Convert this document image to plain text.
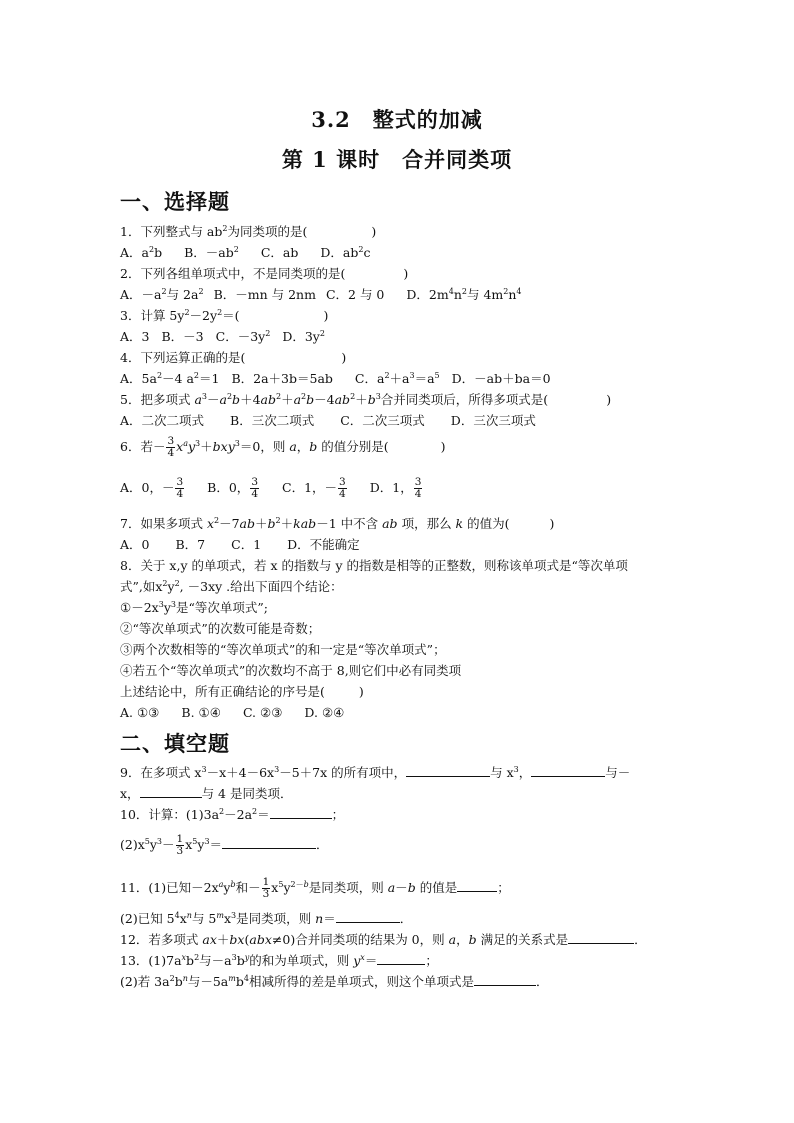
3.2　整式的加减
第 1 课时　合并同类项
一、选择题
1．下列整式与 $ab^2$为同类项的是(	)
A．$a^2b$ B．$-ab^2$ C．ab D．$ab^2c$
2．下列各组单项式中，不是同类项的是(	)
A．$-a^2$与 $2a^2$ B．－mn 与 2nm C．2 与 0 D．$2m^4n^2$与 $4m^2n^4$
3．计算 $5y^2-2y^2=$(	)
A．3 B．－3 C．$-3y^2$ D．$3y^2$
4．下列运算正确的是(	)
A．$5a^2-4$ $a^2=1$ B．2a＋3b＝5ab C．$a^2+a^3=a^5$ D．－ab＋ba＝0
5．把多项式 $a^3-a^2b+4ab^2+a^2b-4ab^2+b^3$合并同类项后，所得多项式是(	)
A．二次二项式 B．三次二项式 C．二次三项式 D．三次三项式
6．若－ $\frac{3}{4} x^ay^3+bxy^3=0$，则 a，b 的值分别是(	)
A．0，－ $\frac{3}{4}$ B．0， $\frac{3}{4}$ C．1，－ $\frac{3}{4}$ D．1， $\frac{3}{4}$
7．如果多项式 $x^2-7ab+b^2+kab-1$ 中不含 ab 项，那么 k 的值为(	)
A．0 B．7 C．1 D．不能确定
8．关于 x,y 的单项式，若 x 的指数与 y 的指数是相等的正整数，则称该单项式是“等次单项
式”,如$x^2y^2$, －3xy .给出下面四个结论：
$①-2x^3y^3$是“等次单项式”;
②“等次单项式”的次数可能是奇数；
③两个次数相等的“等次单项式”的和一定是“等次单项式”；
④若五个“等次单项式”的次数均不高于 8,则它们中必有同类项
上述结论中，所有正确结论的序号是(	)
A. ①③ B. ①④ C. ②③ D. ②④
二、填空题
9．在多项式 $x^3-x+4-6x^3-5+7x$ 的所有项中，	与 $x^3$，	与－
x，	与 4 是同类项．
10．计算：$(1)3a^2-2a^2=$	；
$(2)x^5y^3- \frac{1}{3} x^5y^3=$	．
11．(1)已知$-2x^ay^b$和－ $\frac{1}{3} x^5y^{2-b}$是同类项，则 a－b 的值是	；
(2)已知 $5^4x^n$与 $5^mx^3$是同类项，则 n＝	．
12．若多项式 ax＋bx(abx≠0)合并同类项的结果为 0，则 a，b 满足的关系式是	．
13．$(1)7a^xb^2$与$-a^3b^y$的和为单项式，则 $y^x=$	；
(2)若 $3a^2b^n$与$-5a^mb^4$相减所得的差是单项式，则这个单项式是	．
